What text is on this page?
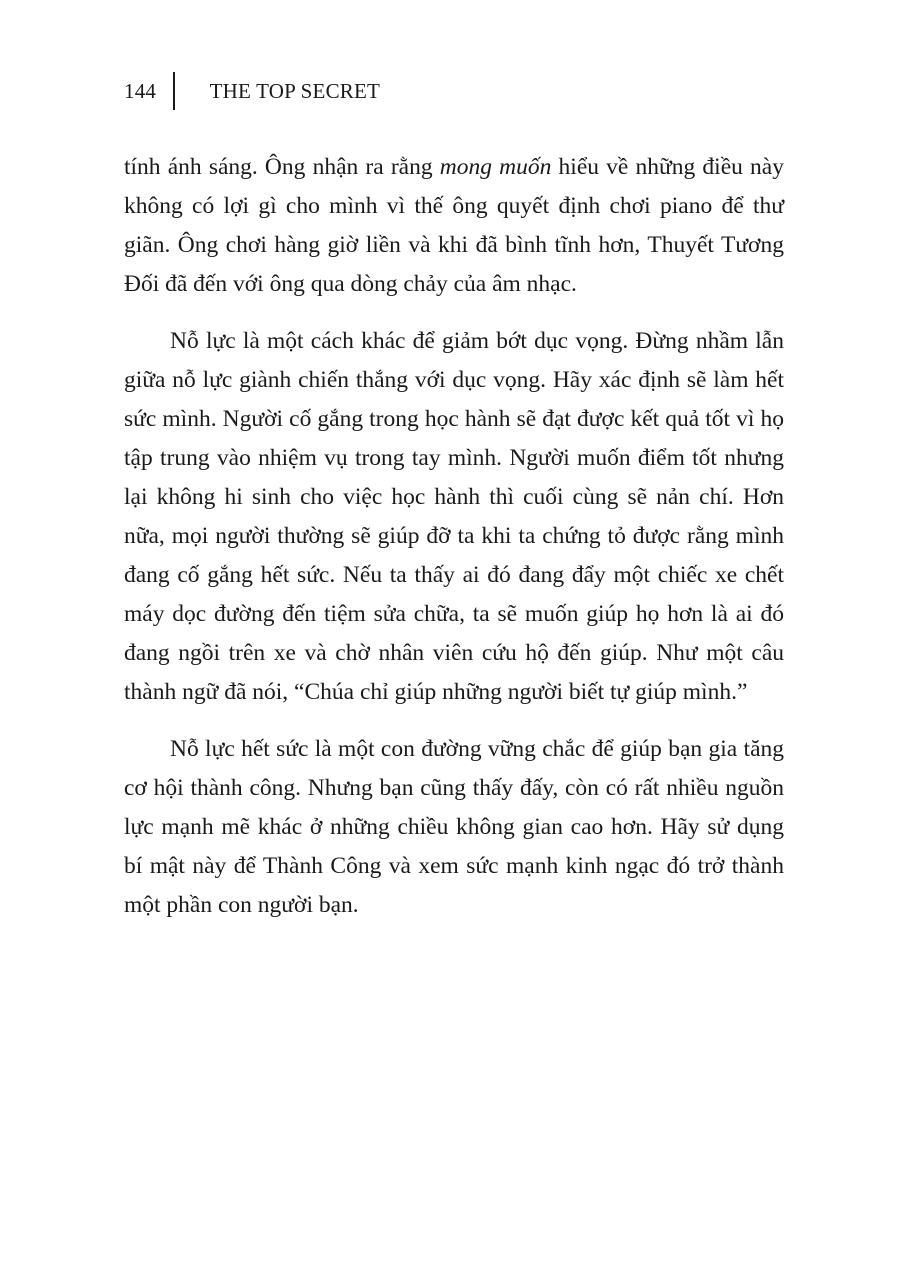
144	THE TOP SECRET

tính ánh sáng. Ông nhận ra rằng mong muốn hiểu về những điều này không có lợi gì cho mình vì thế ông quyết định chơi piano để thư giãn. Ông chơi hàng giờ liền và khi đã bình tĩnh hơn, Thuyết Tương Đối đã đến với ông qua dòng chảy của âm nhạc.

Nỗ lực là một cách khác để giảm bớt dục vọng. Đừng nhầm lẫn giữa nỗ lực giành chiến thắng với dục vọng. Hãy xác định sẽ làm hết sức mình. Người cố gắng trong học hành sẽ đạt được kết quả tốt vì họ tập trung vào nhiệm vụ trong tay mình. Người muốn điểm tốt nhưng lại không hi sinh cho việc học hành thì cuối cùng sẽ nản chí. Hơn nữa, mọi người thường sẽ giúp đỡ ta khi ta chứng tỏ được rằng mình đang cố gắng hết sức. Nếu ta thấy ai đó đang đẩy một chiếc xe chết máy dọc đường đến tiệm sửa chữa, ta sẽ muốn giúp họ hơn là ai đó đang ngồi trên xe và chờ nhân viên cứu hộ đến giúp. Như một câu thành ngữ đã nói, “Chúa chỉ giúp những người biết tự giúp mình.”

Nỗ lực hết sức là một con đường vững chắc để giúp bạn gia tăng cơ hội thành công. Nhưng bạn cũng thấy đấy, còn có rất nhiều nguồn lực mạnh mẽ khác ở những chiều không gian cao hơn. Hãy sử dụng bí mật này để Thành Công và xem sức mạnh kinh ngạc đó trở thành một phần con người bạn.
